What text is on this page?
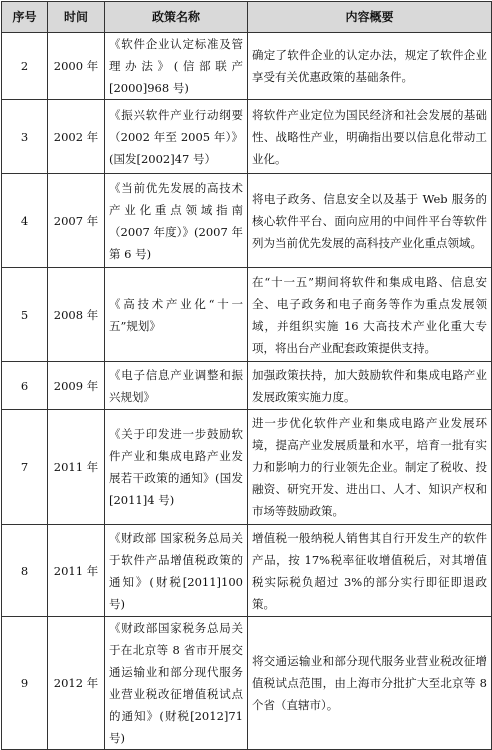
序号	时间	政策名称	内容概要
2	2000 年	《软件企业认定标准及管理办法》(信部联产[2000]968 号)	确定了软件企业的认定办法，规定了软件企业享受有关优惠政策的基础条件。
3	2002 年	《振兴软件产业行动纲要（2002 年至 2005 年）》(国发[2002]47 号）	将软件产业定位为国民经济和社会发展的基础性、战略性产业，明确指出要以信息化带动工业化。
4	2007 年	《当前优先发展的高技术产业化重点领域指南（2007 年度）》(2007 年第 6 号)	将电子政务、信息安全以及基于 Web 服务的核心软件平台、面向应用的中间件平台等软件列为当前优先发展的高科技产业化重点领域。
5	2008 年	《高技术产业化“十一五”规划》	在“十一五”期间将软件和集成电路、信息安全、电子政务和电子商务等作为重点发展领域，并组织实施 16 大高技术产业化重大专项，将出台产业配套政策提供支持。
6	2009 年	《电子信息产业调整和振兴规划》	加强政策扶持，加大鼓励软件和集成电路产业发展政策实施力度。
7	2011 年	《关于印发进一步鼓励软件产业和集成电路产业发展若干政策的通知》(国发[2011]4 号)	进一步优化软件产业和集成电路产业发展环境，提高产业发展质量和水平，培育一批有实力和影响力的行业领先企业。制定了税收、投融资、研究开发、进出口、人才、知识产权和市场等鼓励政策。
8	2011 年	《财政部 国家税务总局关于软件产品增值税政策的通知》(财税[2011]100 号)	增值税一般纳税人销售其自行开发生产的软件产品，按 17%税率征收增值税后，对其增值税实际税负超过 3%的部分实行即征即退政策。
9	2012 年	《财政部国家税务总局关于在北京等 8 省市开展交通运输业和部分现代服务业营业税改征增值税试点的通知》(财税[2012]71 号)	将交通运输业和部分现代服务业营业税改征增值税试点范围，由上海市分批扩大至北京等 8 个省（直辖市）。
